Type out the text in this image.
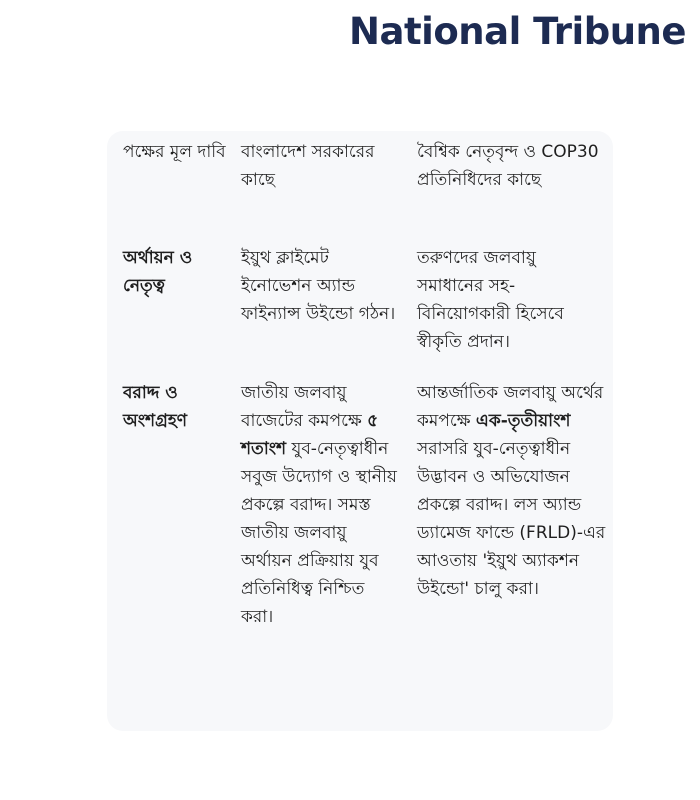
National Tribune
পক্ষের মূল দাবি বাংলাদেশ সরকারের কাছে
বৈশ্বিক নেতৃবৃন্দ ও COP30 প্রতিনিধিদের কাছে
অর্থায়ন ও নেতৃত্ব
ইয়ুথ ক্লাইমেট ইনোভেশন অ্যান্ড ফাইন্যান্স উইন্ডো গঠন।
তরুণদের জলবায়ু সমাধানের সহ-বিনিয়োগকারী হিসেবে স্বীকৃতি প্রদান।
বরাদ্দ ও অংশগ্রহণ
জাতীয় জলবায়ু বাজেটের কমপক্ষে ৫ শতাংশ যুব-নেতৃত্বাধীন সবুজ উদ্যোগ ও স্থানীয় প্রকল্পে বরাদ্দ। সমস্ত জাতীয় জলবায়ু অর্থায়ন প্রক্রিয়ায় যুব প্রতিনিধিত্ব নিশ্চিত করা।
আন্তর্জাতিক জলবায়ু অর্থের কমপক্ষে এক-তৃতীয়াংশ সরাসরি যুব-নেতৃত্বাধীন উদ্ভাবন ও অভিযোজন প্রকল্পে বরাদ্দ। লস অ্যান্ড ড্যামেজ ফান্ডে (FRLD)-এর আওতায় 'ইয়ুথ অ্যাকশন উইন্ডো' চালু করা।
